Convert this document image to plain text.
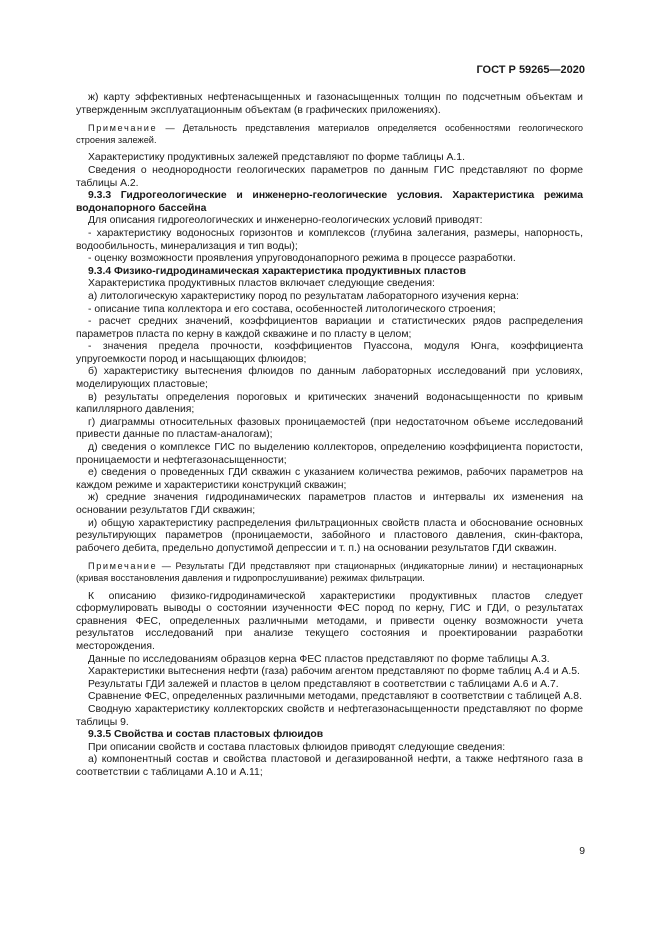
ГОСТ Р 59265—2020

ж) карту эффективных нефтенасыщенных и газонасыщенных толщин по подсчетным объектам и утвержденным эксплуатационным объектам (в графических приложениях).

Примечание — Детальность представления материалов определяется особенностями геологического строения залежей.

Характеристику продуктивных залежей представляют по форме таблицы А.1.

Сведения о неоднородности геологических параметров по данным ГИС представляют по форме таблицы А.2.

9.3.3 Гидрогеологические и инженерно-геологические условия. Характеристика режима водонапорного бассейна

Для описания гидрогеологических и инженерно-геологических условий приводят:

- характеристику водоносных горизонтов и комплексов (глубина залегания, размеры, напорность, водообильность, минерализация и тип воды);

- оценку возможности проявления упруговодонапорного режима в процессе разработки.

9.3.4 Физико-гидродинамическая характеристика продуктивных пластов

Характеристика продуктивных пластов включает следующие сведения:

а) литологическую характеристику пород по результатам лабораторного изучения керна:

- описание типа коллектора и его состава, особенностей литологического строения;

- расчет средних значений, коэффициентов вариации и статистических рядов распределения параметров пласта по керну в каждой скважине и по пласту в целом;

- значения предела прочности, коэффициентов Пуассона, модуля Юнга, коэффициента упругоемкости пород и насыщающих флюидов;

б) характеристику вытеснения флюидов по данным лабораторных исследований при условиях, моделирующих пластовые;

в) результаты определения пороговых и критических значений водонасыщенности по кривым капиллярного давления;

г) диаграммы относительных фазовых проницаемостей (при недостаточном объеме исследований привести данные по пластам-аналогам);

д) сведения о комплексе ГИС по выделению коллекторов, определению коэффициента пористости, проницаемости и нефтегазонасыщенности;

е) сведения о проведенных ГДИ скважин с указанием количества режимов, рабочих параметров на каждом режиме и характеристики конструкций скважин;

ж) средние значения гидродинамических параметров пластов и интервалы их изменения на основании результатов ГДИ скважин;

и) общую характеристику распределения фильтрационных свойств пласта и обоснование основных результирующих параметров (проницаемости, забойного и пластового давления, скин-фактора, рабочего дебита, предельно допустимой депрессии и т. п.) на основании результатов ГДИ скважин.

Примечание — Результаты ГДИ представляют при стационарных (индикаторные линии) и нестационарных (кривая восстановления давления и гидропрослушивание) режимах фильтрации.

К описанию физико-гидродинамической характеристики продуктивных пластов следует сформулировать выводы о состоянии изученности ФЕС пород по керну, ГИС и ГДИ, о результатах сравнения ФЕС, определенных различными методами, и привести оценку возможности учета результатов исследований при анализе текущего состояния и проектировании разработки месторождения.

Данные по исследованиям образцов керна ФЕС пластов представляют по форме таблицы А.3.

Характеристики вытеснения нефти (газа) рабочим агентом представляют по форме таблиц А.4 и А.5.

Результаты ГДИ залежей и пластов в целом представляют в соответствии с таблицами А.6 и А.7.

Сравнение ФЕС, определенных различными методами, представляют в соответствии с таблицей А.8.

Сводную характеристику коллекторских свойств и нефтегазонасыщенности представляют по форме таблицы 9.

9.3.5 Свойства и состав пластовых флюидов

При описании свойств и состава пластовых флюидов приводят следующие сведения:

а) компонентный состав и свойства пластовой и дегазированной нефти, а также нефтяного газа в соответствии с таблицами А.10 и А.11;

9
